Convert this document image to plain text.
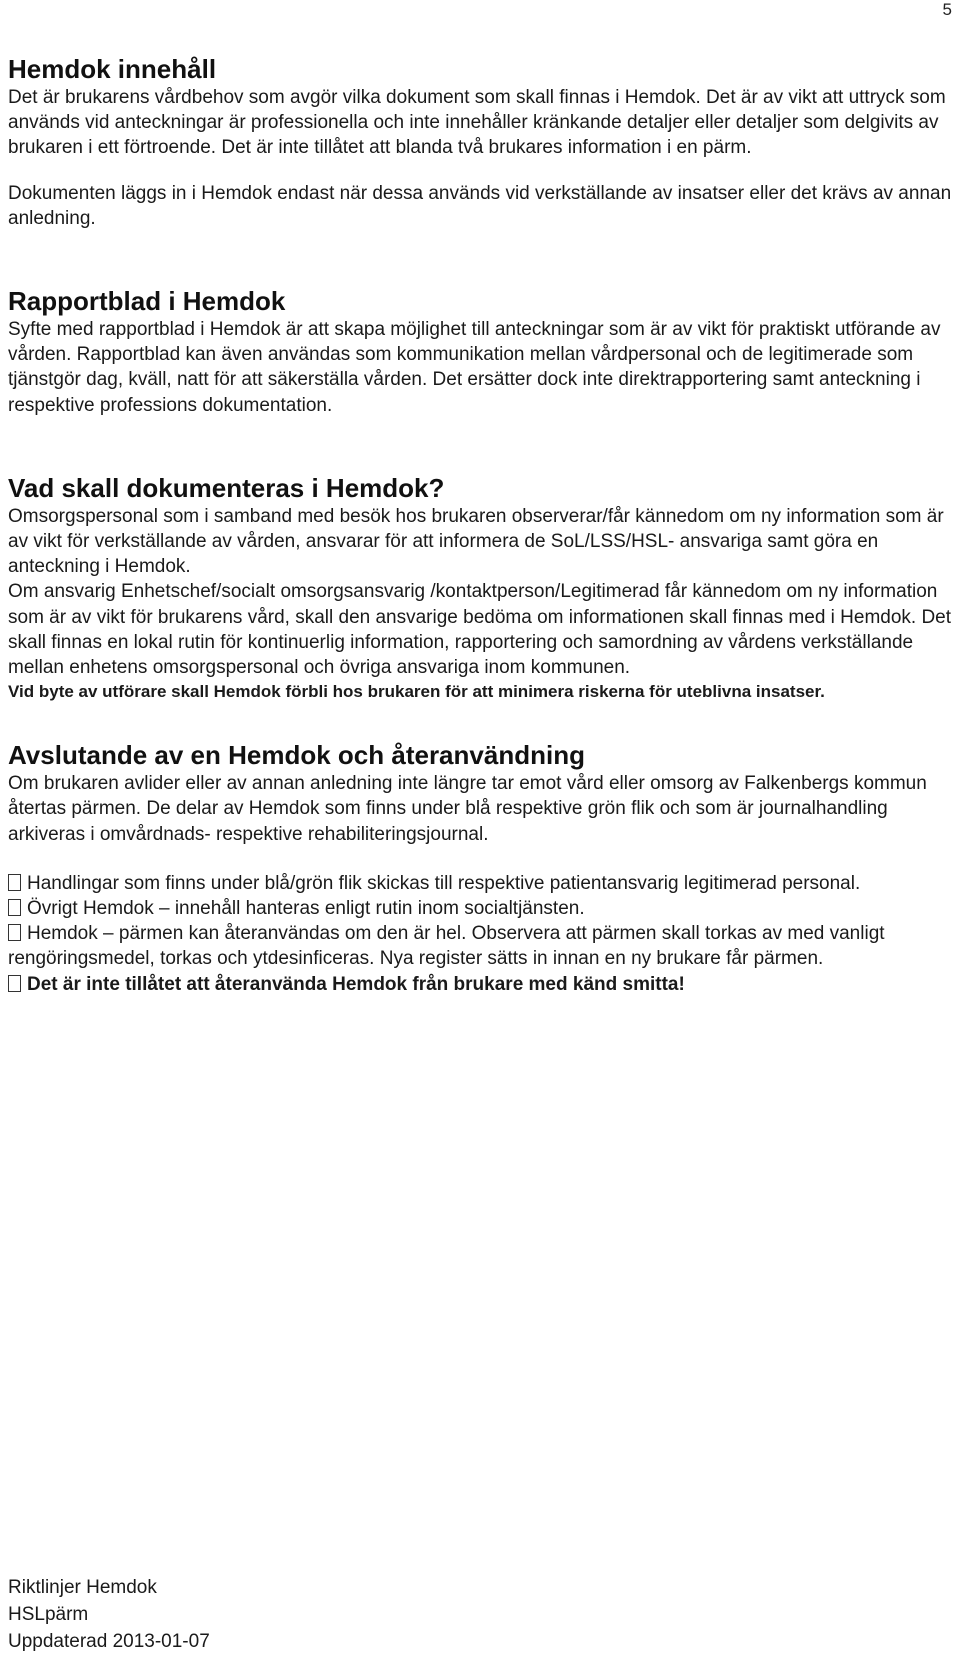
5
Hemdok innehåll

Det är brukarens vårdbehov som avgör vilka dokument som skall finnas i Hemdok. Det är av vikt att uttryck som används vid anteckningar är professionella och inte innehåller kränkande detaljer eller detaljer som delgivits av brukaren i ett förtroende. Det är inte tillåtet att blanda två brukares information i en pärm.

Dokumenten läggs in i Hemdok endast när dessa används vid verkställande av insatser eller det krävs av annan anledning.

Rapportblad i Hemdok

Syfte med rapportblad i Hemdok är att skapa möjlighet till anteckningar som är av vikt för praktiskt utförande av vården. Rapportblad kan även användas som kommunikation mellan vårdpersonal och de legitimerade som tjänstgör dag, kväll, natt för att säkerställa vården. Det ersätter dock inte direktrapportering samt anteckning i respektive professions dokumentation.

Vad skall dokumenteras i Hemdok?

Omsorgspersonal som i samband med besök hos brukaren observerar/får kännedom om ny information som är av vikt för verkställande av vården, ansvarar för att informera de SoL/LSS/HSL- ansvariga samt göra en anteckning i Hemdok.

Om ansvarig Enhetschef/socialt omsorgsansvarig /kontaktperson/Legitimerad får kännedom om ny information som är av vikt för brukarens vård, skall den ansvarige bedöma om informationen skall finnas med i Hemdok. Det skall finnas en lokal rutin för kontinuerlig information, rapportering och samordning av vårdens verkställande mellan enhetens omsorgspersonal och övriga ansvariga inom kommunen.

Vid byte av utförare skall Hemdok förbli hos brukaren för att minimera riskerna för uteblivna insatser.

Avslutande av en Hemdok och återanvändning

Om brukaren avlider eller av annan anledning inte längre tar emot vård eller omsorg av Falkenbergs kommun återtas pärmen. De delar av Hemdok som finns under blå respektive grön flik och som är journalhandling arkiveras i omvårdnads- respektive rehabiliteringsjournal.

Handlingar som finns under blå/grön flik skickas till respektive patientansvarig legitimerad personal.

Övrigt Hemdok – innehåll hanteras enligt rutin inom socialtjänsten.

Hemdok – pärmen kan återanvändas om den är hel. Observera att pärmen skall torkas av med vanligt rengöringsmedel, torkas och ytdesinficeras. Nya register sätts in innan en ny brukare får pärmen.

Det är inte tillåtet att återanvända Hemdok från brukare med känd smitta!

Riktlinjer Hemdok
HSLpärm
Uppdaterad 2013-01-07
